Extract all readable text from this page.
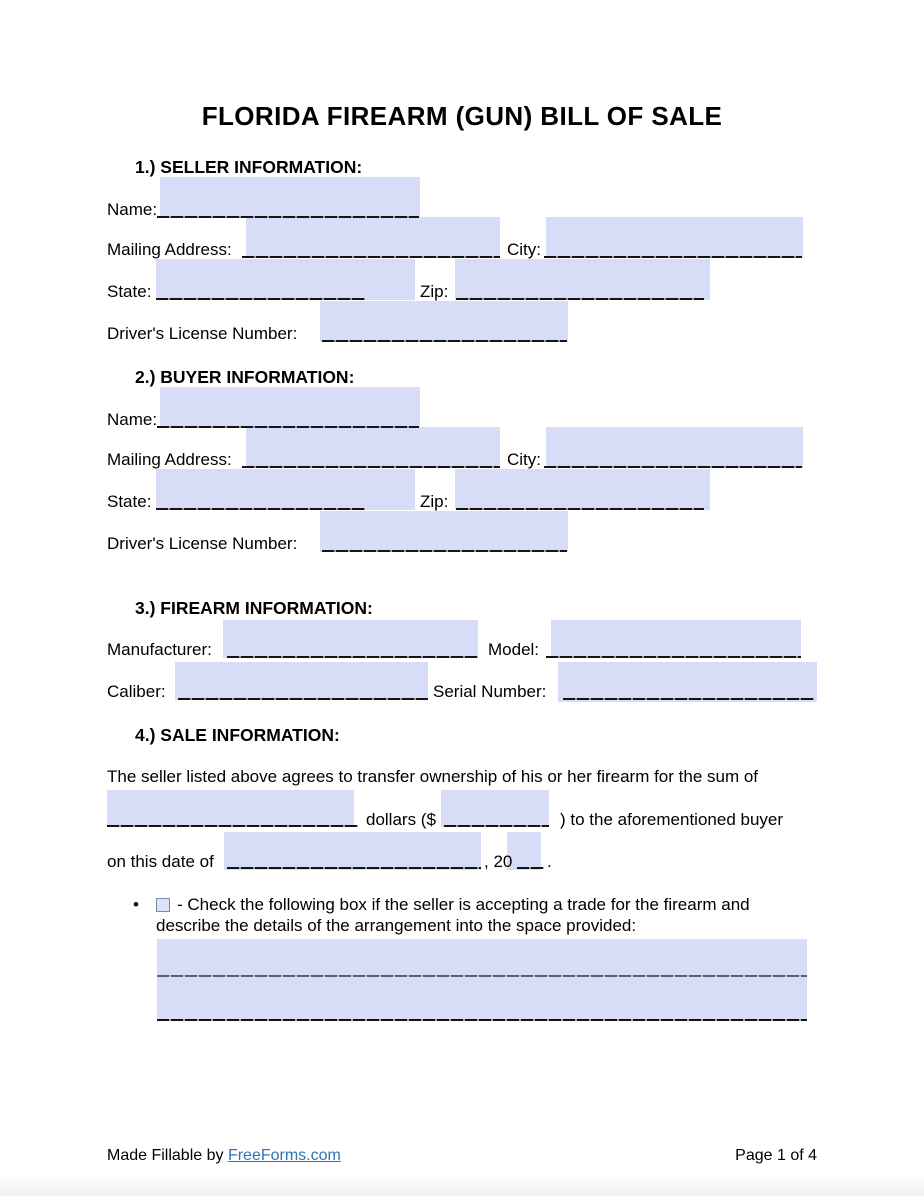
FLORIDA FIREARM (GUN) BILL OF SALE
1.) SELLER INFORMATION:
Name:
Mailing Address:	City:
State:	Zip:
Driver's License Number:
2.) BUYER INFORMATION:
Name:
Mailing Address:	City:
State:	Zip:
Driver's License Number:
3.) FIREARM INFORMATION:
Manufacturer:	Model:
Caliber:	Serial Number:
4.) SALE INFORMATION:
The seller listed above agrees to transfer ownership of his or her firearm for the sum of
dollars ($	) to the aforementioned buyer
on this date of	, 20 .
• - Check the following box if the seller is accepting a trade for the firearm and
describe the details of the arrangement into the space provided:
Made Fillable by FreeForms.com	Page 1 of 4
